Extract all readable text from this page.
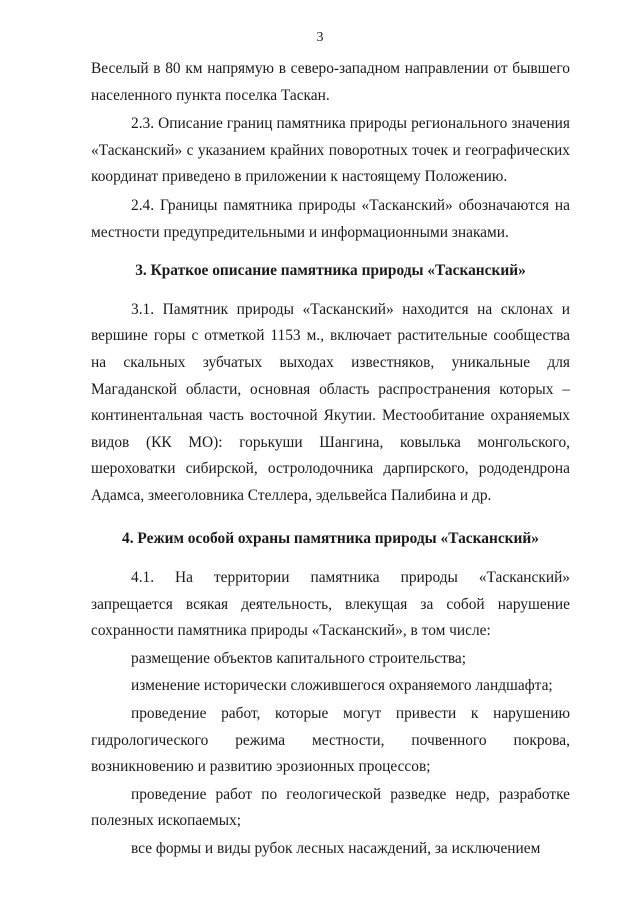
3

Веселый в 80 км напрямую в северо-западном направлении от бывшего населенного пункта поселка Таскан.

2.3. Описание границ памятника природы регионального значения «Тасканский» с указанием крайних поворотных точек и географических координат приведено в приложении к настоящему Положению.

2.4. Границы памятника природы «Тасканский» обозначаются на местности предупредительными и информационными знаками.

3. Краткое описание памятника природы «Тасканский»

3.1. Памятник природы «Тасканский» находится на склонах и вершине горы с отметкой 1153 м., включает растительные сообщества на скальных зубчатых выходах известняков, уникальные для Магаданской области, основная область распространения которых – континентальная часть восточной Якутии. Местообитание охраняемых видов (КК МО): горькуши Шангина, ковылька монгольского, шероховатки сибирской, остролодочника дарпирского, рододендрона Адамса, змееголовника Стеллера, эдельвейса Палибина и др.

4. Режим особой охраны памятника природы «Тасканский»

4.1. На территории памятника природы «Тасканский» запрещается всякая деятельность, влекущая за собой нарушение сохранности памятника природы «Тасканский», в том числе:

размещение объектов капитального строительства;

изменение исторически сложившегося охраняемого ландшафта;

проведение работ, которые могут привести к нарушению гидрологического режима местности, почвенного покрова, возникновению и развитию эрозионных процессов;

проведение работ по геологической разведке недр, разработке полезных ископаемых;

все формы и виды рубок лесных насаждений, за исключением
